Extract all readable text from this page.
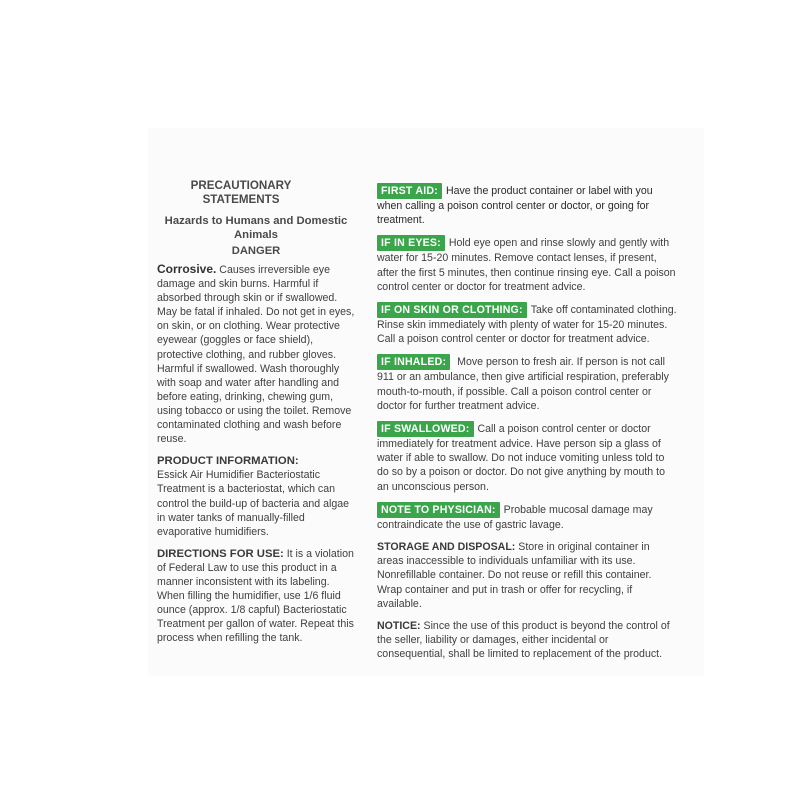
PRECAUTIONARY STATEMENTS
Hazards to Humans and Domestic Animals
DANGER

Corrosive. Causes irreversible eye damage and skin burns. Harmful if absorbed through skin or if swallowed. May be fatal if inhaled. Do not get in eyes, on skin, or on clothing. Wear protective eyewear (goggles or face shield), protective clothing, and rubber gloves. Harmful if swallowed. Wash thoroughly with soap and water after handling and before eating, drinking, chewing gum, using tobacco or using the toilet. Remove contaminated clothing and wash before reuse.

PRODUCT INFORMATION:
Essick Air Humidifier Bacteriostatic Treatment is a bacteriostat, which can control the build-up of bacteria and algae in water tanks of manually-filled evaporative humidifiers.

DIRECTIONS FOR USE: It is a violation of Federal Law to use this product in a manner inconsistent with its labeling. When filling the humidifier, use 1/6 fluid ounce (approx. 1/8 capful) Bacteriostatic Treatment per gallon of water. Repeat this process when refilling the tank.

FIRST AID: Have the product container or label with you when calling a poison control center or doctor, or going for treatment.

IF IN EYES: Hold eye open and rinse slowly and gently with water for 15-20 minutes. Remove contact lenses, if present, after the first 5 minutes, then continue rinsing eye. Call a poison control center or doctor for treatment advice.

IF ON SKIN OR CLOTHING: Take off contaminated clothing. Rinse skin immediately with plenty of water for 15-20 minutes. Call a poison control center or doctor for treatment advice.

IF INHALED: Move person to fresh air. If person is not call 911 or an ambulance, then give artificial respiration, preferably mouth-to-mouth, if possible. Call a poison control center or doctor for further treatment advice.

IF SWALLOWED: Call a poison control center or doctor immediately for treatment advice. Have person sip a glass of water if able to swallow. Do not induce vomiting unless told to do so by a poison or doctor. Do not give anything by mouth to an unconscious person.

NOTE TO PHYSICIAN: Probable mucosal damage may contraindicate the use of gastric lavage.

STORAGE AND DISPOSAL: Store in original container in areas inaccessible to individuals unfamiliar with its use. Nonrefillable container. Do not reuse or refill this container. Wrap container and put in trash or offer for recycling, if available.

NOTICE: Since the use of this product is beyond the control of the seller, liability or damages, either incidental or consequential, shall be limited to replacement of the product.
